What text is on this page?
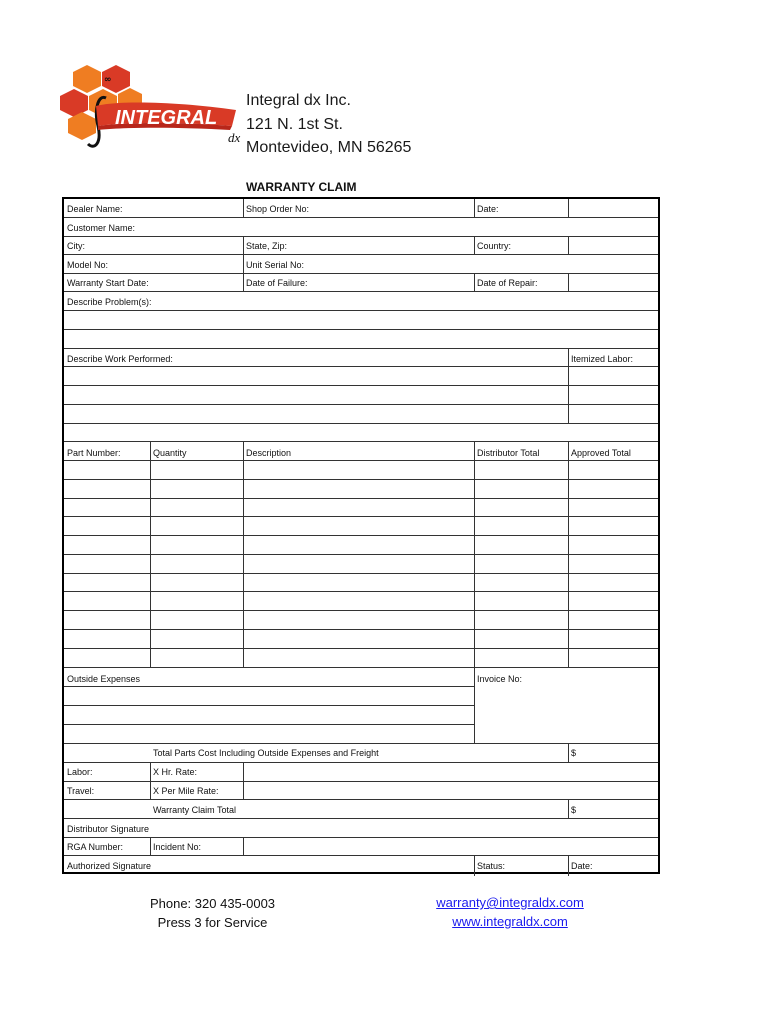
∞
INTEGRAL
dx
Integral dx Inc.
121 N. 1st St.
Montevideo, MN 56265
WARRANTY CLAIM
Dealer Name:	Shop Order No:	Date:
Customer Name:
City:	State, Zip:	Country:
Model No:	Unit Serial No:
Warranty Start Date:	Date of Failure:	Date of Repair:
Describe Problem(s):
Describe Work Performed:	Itemized Labor:
Part Number:	Quantity	Description	Distributor Total	Approved Total
Outside Expenses	Invoice No:
Total Parts Cost Including Outside Expenses and Freight	$
Labor:	X Hr. Rate:
Travel:	X Per Mile Rate:
Warranty Claim Total	$
Distributor Signature
RGA Number:	Incident No:
Authorized Signature	Status:	Date:
Phone: 320 435-0003
Press 3 for Service
warranty@integraldx.com
www.integraldx.com
